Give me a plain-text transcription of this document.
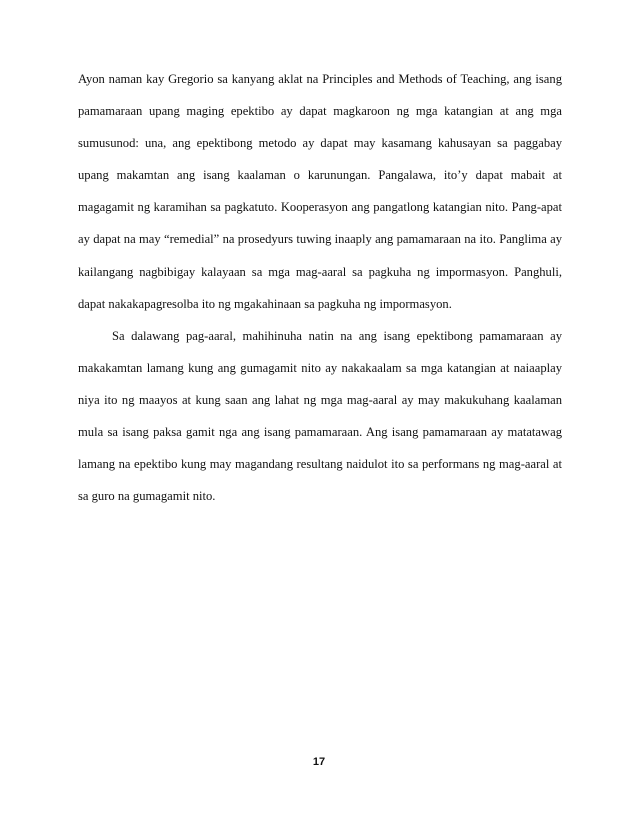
Ayon naman kay Gregorio sa kanyang aklat na Principles and Methods of Teaching, ang isang pamamaraan upang maging epektibo ay dapat magkaroon ng mga katangian at ang mga sumusunod: una, ang epektibong metodo ay dapat may kasamang kahusayan sa paggabay upang makamtan ang isang kaalaman o karunungan. Pangalawa, ito’y dapat mabait at magagamit ng karamihan sa pagkatuto. Kooperasyon ang pangatlong katangian nito. Pang-apat ay dapat na may “remedial” na prosedyurs tuwing inaaply ang pamamaraan na ito. Panglima ay kailangang nagbibigay kalayaan sa mga mag-aaral sa pagkuha ng impormasyon. Panghuli, dapat nakakapagresolba ito ng mgakahinaan sa pagkuha ng impormasyon.

Sa dalawang pag-aaral, mahihinuha natin na ang isang epektibong pamamaraan ay makakamtan lamang kung ang gumagamit nito ay nakakaalam sa mga katangian at naiaaplay niya ito ng maayos at kung saan ang lahat ng mga mag-aaral ay may makukuhang kaalaman mula sa isang paksa gamit nga ang isang pamamaraan. Ang isang pamamaraan ay matatawag lamang na epektibo kung may magandang resultang naidulot ito sa performans ng mag-aaral at sa guro na gumagamit nito.

17
